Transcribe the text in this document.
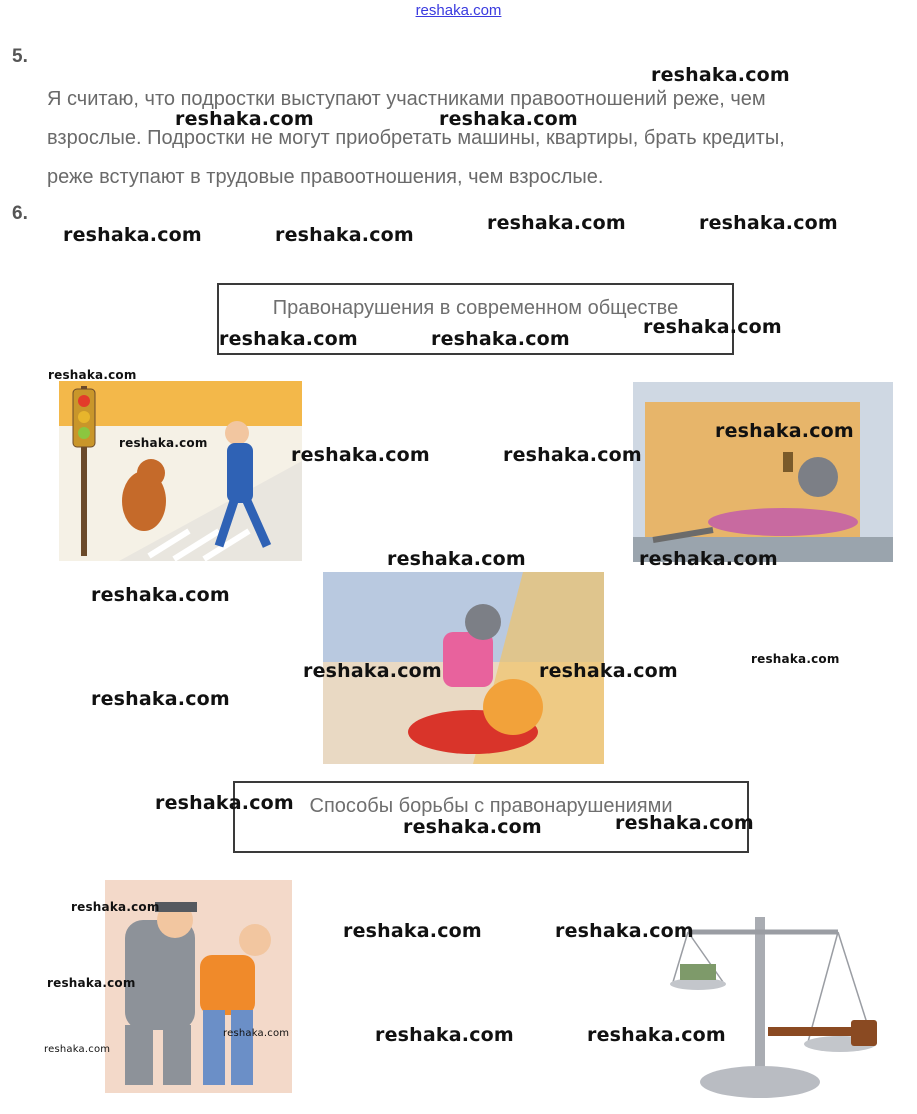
reshaka.com
5.
Я считаю, что подростки выступают участниками правоотношений реже, чем
взрослые. Подростки не могут приобретать машины, квартиры, брать кредиты,
реже вступают в трудовые правоотношения, чем взрослые.
6.
Правонарушения в современном обществе
Способы борьбы с правонарушениями
reshaka.com
reshaka.com	reshaka.com
reshaka.com	reshaka.com
reshaka.com	reshaka.com
reshaka.com
reshaka.com	reshaka.com
reshaka.com
reshaka.com
reshaka.com
reshaka.com	reshaka.com
reshaka.com	reshaka.com
reshaka.com
reshaka.com
reshaka.com	reshaka.com
reshaka.com
reshaka.com
reshaka.com
reshaka.com
reshaka.com
reshaka.com	reshaka.com
reshaka.com
reshaka.com	reshaka.com	reshaka.com
reshaka.com
